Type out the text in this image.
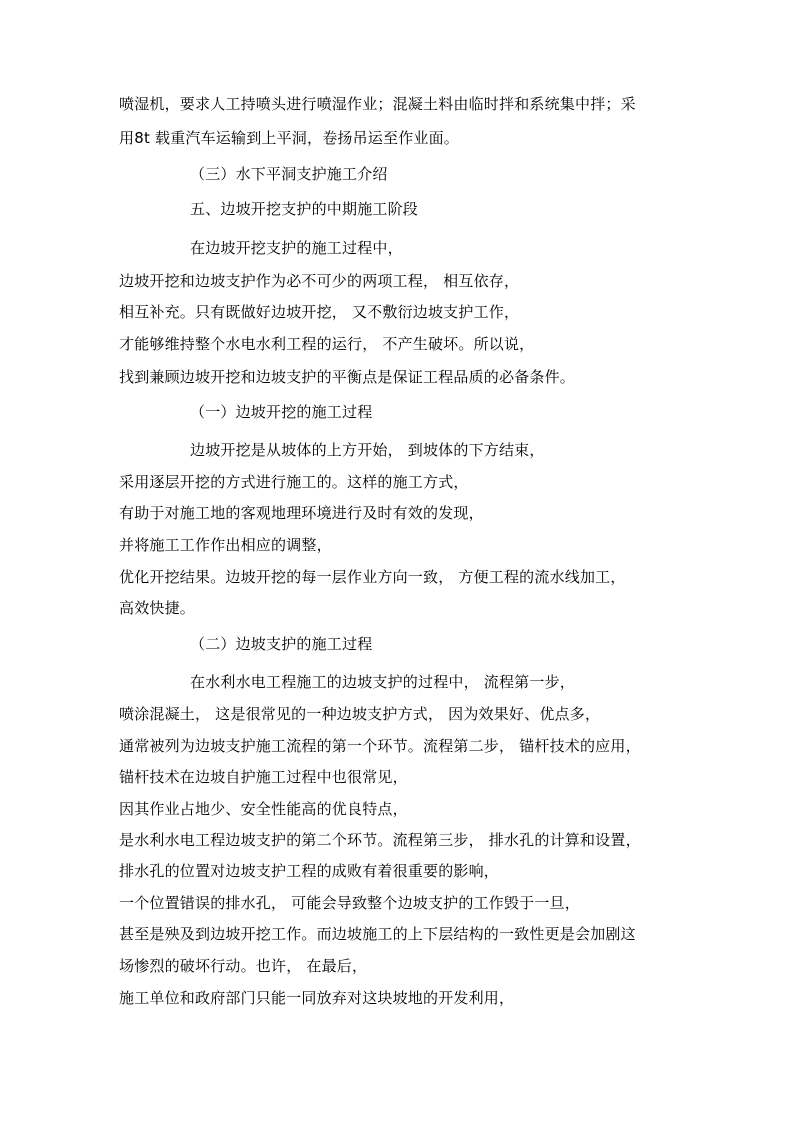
喷湿机，要求人工持喷头进行喷湿作业；混凝土料由临时拌和系统集中拌；采
用8t 载重汽车运输到上平洞，卷扬吊运至作业面。
（三）水下平洞支护施工介绍
五、边坡开挖支护的中期施工阶段
在边坡开挖支护的施工过程中，
边坡开挖和边坡支护作为必不可少的两项工程， 相互依存，
相互补充。只有既做好边坡开挖， 又不敷衍边坡支护工作，
才能够维持整个水电水利工程的运行， 不产生破坏。所以说，
找到兼顾边坡开挖和边坡支护的平衡点是保证工程品质的必备条件。
（一）边坡开挖的施工过程
边坡开挖是从坡体的上方开始， 到坡体的下方结束，
采用逐层开挖的方式进行施工的。这样的施工方式，
有助于对施工地的客观地理环境进行及时有效的发现，
并将施工工作作出相应的调整，
优化开挖结果。边坡开挖的每一层作业方向一致， 方便工程的流水线加工，
高效快捷。
（二）边坡支护的施工过程
在水利水电工程施工的边坡支护的过程中， 流程第一步，
喷涂混凝土， 这是很常见的一种边坡支护方式， 因为效果好、优点多，
通常被列为边坡支护施工流程的第一个环节。流程第二步， 锚杆技术的应用，
锚杆技术在边坡自护施工过程中也很常见，
因其作业占地少、安全性能高的优良特点，
是水利水电工程边坡支护的第二个环节。流程第三步， 排水孔的计算和设置，
排水孔的位置对边坡支护工程的成败有着很重要的影响，
一个位置错误的排水孔， 可能会导致整个边坡支护的工作毁于一旦，
甚至是殃及到边坡开挖工作。而边坡施工的上下层结构的一致性更是会加剧这
场惨烈的破坏行动。也许， 在最后，
施工单位和政府部门只能一同放弃对这块坡地的开发利用，
